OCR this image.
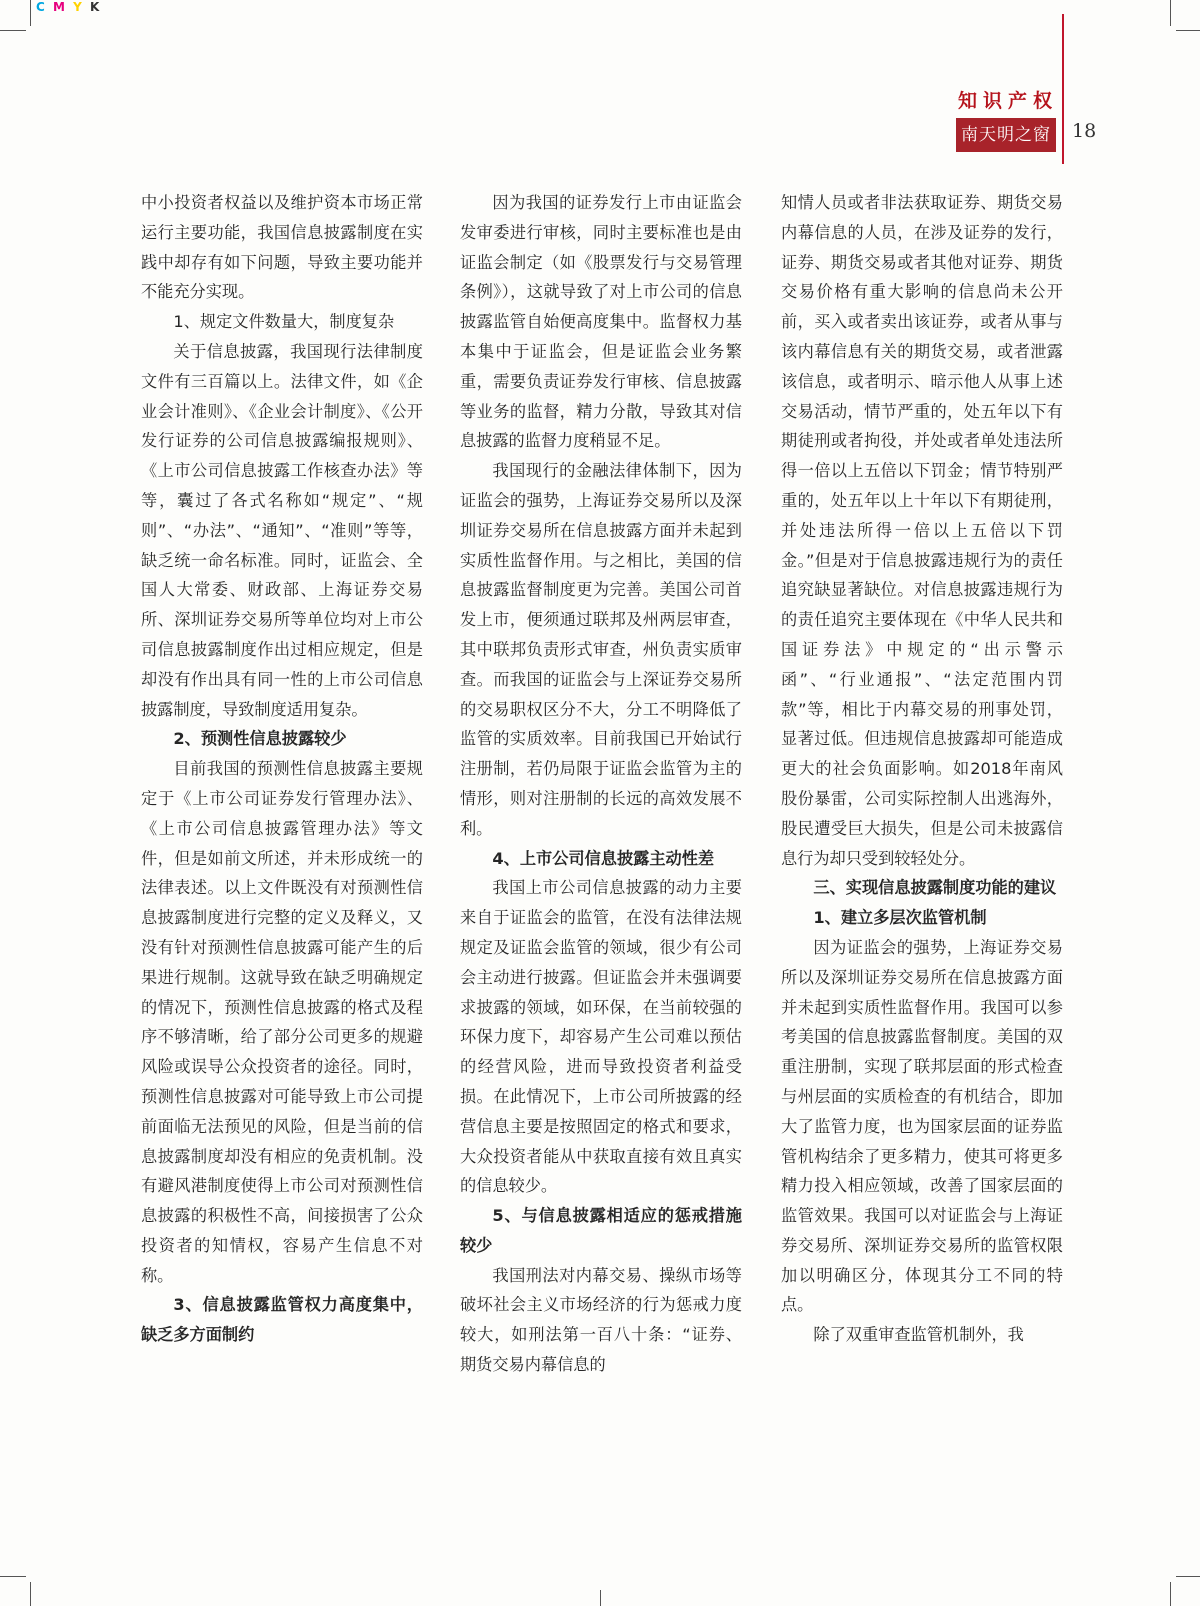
C M Y K
知识产权
南天明之窗 18

中小投资者权益以及维护资本市场正常运行主要功能，我国信息披露制度在实践中却存有如下问题，导致主要功能并不能充分实现。

1、规定文件数量大，制度复杂

关于信息披露，我国现行法律制度文件有三百篇以上。法律文件，如《企业会计准则》、《企业会计制度》、《公开发行证券的公司信息披露编报规则》、《上市公司信息披露工作核查办法》等等，囊过了各式名称如“规定”、“规则”、“办法”、“通知”、“准则”等等，缺乏统一命名标准。同时，证监会、全国人大常委、财政部、上海证券交易所、深圳证券交易所等单位均对上市公司信息披露制度作出过相应规定，但是却没有作出具有同一性的上市公司信息披露制度，导致制度适用复杂。

2、预测性信息披露较少

目前我国的预测性信息披露主要规定于《上市公司证券发行管理办法》、《上市公司信息披露管理办法》等文件，但是如前文所述，并未形成统一的法律表述。以上文件既没有对预测性信息披露制度进行完整的定义及释义，又没有针对预测性信息披露可能产生的后果进行规制。这就导致在缺乏明确规定的情况下，预测性信息披露的格式及程序不够清晰，给了部分公司更多的规避风险或误导公众投资者的途径。同时，预测性信息披露对可能导致上市公司提前面临无法预见的风险，但是当前的信息披露制度却没有相应的免责机制。没有避风港制度使得上市公司对预测性信息披露的积极性不高，间接损害了公众投资者的知情权，容易产生信息不对称。

3、信息披露监管权力高度集中，缺乏多方面制约

因为我国的证券发行上市由证监会发审委进行审核，同时主要标准也是由证监会制定（如《股票发行与交易管理条例》），这就导致了对上市公司的信息披露监管自始便高度集中。监督权力基本集中于证监会，但是证监会业务繁重，需要负责证券发行审核、信息披露等业务的监督，精力分散，导致其对信息披露的监督力度稍显不足。

我国现行的金融法律体制下，因为证监会的强势，上海证券交易所以及深圳证券交易所在信息披露方面并未起到实质性监督作用。与之相比，美国的信息披露监督制度更为完善。美国公司首发上市，便须通过联邦及州两层审查，其中联邦负责形式审查，州负责实质审查。而我国的证监会与上深证券交易所的交易职权区分不大，分工不明降低了监管的实质效率。目前我国已开始试行注册制，若仍局限于证监会监管为主的情形，则对注册制的长远的高效发展不利。

4、上市公司信息披露主动性差

我国上市公司信息披露的动力主要来自于证监会的监管，在没有法律法规规定及证监会监管的领域，很少有公司会主动进行披露。但证监会并未强调要求披露的领域，如环保，在当前较强的环保力度下，却容易产生公司难以预估的经营风险，进而导致投资者利益受损。在此情况下，上市公司所披露的经营信息主要是按照固定的格式和要求，大众投资者能从中获取直接有效且真实的信息较少。

5、与信息披露相适应的惩戒措施较少

我国刑法对内幕交易、操纵市场等破坏社会主义市场经济的行为惩戒力度较大，如刑法第一百八十条：“证券、期货交易内幕信息的

知情人员或者非法获取证券、期货交易内幕信息的人员，在涉及证券的发行，证券、期货交易或者其他对证券、期货交易价格有重大影响的信息尚未公开前，买入或者卖出该证券，或者从事与该内幕信息有关的期货交易，或者泄露该信息，或者明示、暗示他人从事上述交易活动，情节严重的，处五年以下有期徒刑或者拘役，并处或者单处违法所得一倍以上五倍以下罚金；情节特别严重的，处五年以上十年以下有期徒刑，并处违法所得一倍以上五倍以下罚金。”但是对于信息披露违规行为的责任追究缺显著缺位。对信息披露违规行为的责任追究主要体现在《中华人民共和国证券法》中规定的“出示警示函”、“行业通报”、“法定范围内罚款”等，相比于内幕交易的刑事处罚，显著过低。但违规信息披露却可能造成更大的社会负面影响。如2018年南风股份暴雷，公司实际控制人出逃海外，股民遭受巨大损失，但是公司未披露信息行为却只受到较轻处分。

三、实现信息披露制度功能的建议

1、建立多层次监管机制

因为证监会的强势，上海证券交易所以及深圳证券交易所在信息披露方面并未起到实质性监督作用。我国可以参考美国的信息披露监督制度。美国的双重注册制，实现了联邦层面的形式检查与州层面的实质检查的有机结合，即加大了监管力度，也为国家层面的证券监管机构结余了更多精力，使其可将更多精力投入相应领域，改善了国家层面的监管效果。我国可以对证监会与上海证券交易所、深圳证券交易所的监管权限加以明确区分，体现其分工不同的特点。

除了双重审查监管机制外，我
